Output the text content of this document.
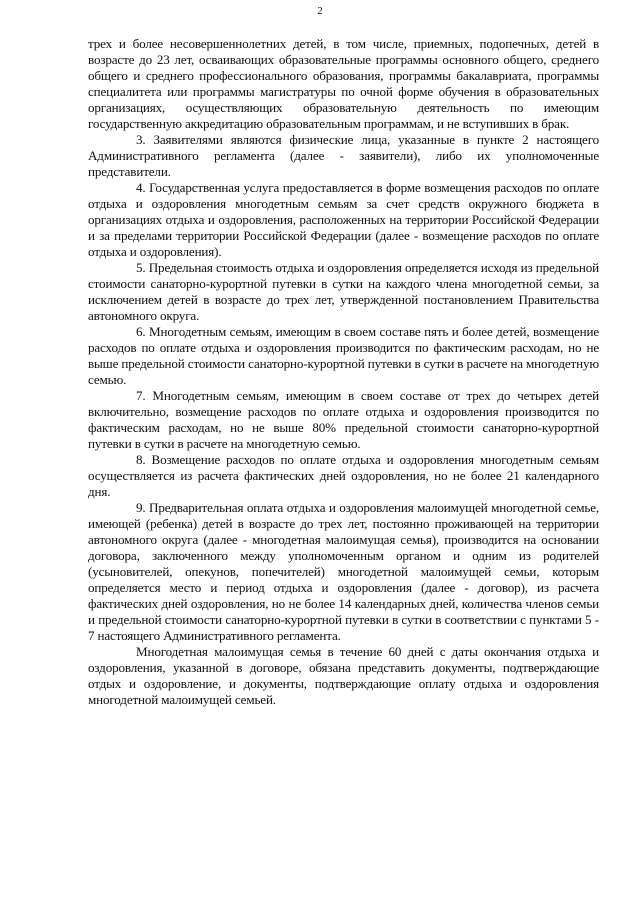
2

трех и более несовершеннолетних детей, в том числе, приемных, подопечных, детей в возрасте до 23 лет, осваивающих образовательные программы основного общего, среднего общего и среднего профессионального образования, программы бакалавриата, программы специалитета или программы магистратуры по очной форме обучения в образовательных организациях, осуществляющих образовательную деятельность по имеющим государственную аккредитацию образовательным программам, и не вступивших в брак.

3. Заявителями являются физические лица, указанные в пункте 2 настоящего Административного регламента (далее - заявители), либо их уполномоченные представители.

4. Государственная услуга предоставляется в форме возмещения расходов по оплате отдыха и оздоровления многодетным семьям за счет средств окружного бюджета в организациях отдыха и оздоровления, расположенных на территории Российской Федерации и за пределами территории Российской Федерации (далее - возмещение расходов по оплате отдыха и оздоровления).

5. Предельная стоимость отдыха и оздоровления определяется исходя из предельной стоимости санаторно-курортной путевки в сутки на каждого члена многодетной семьи, за исключением детей в возрасте до трех лет, утвержденной постановлением Правительства автономного округа.

6. Многодетным семьям, имеющим в своем составе пять и более детей, возмещение расходов по оплате отдыха и оздоровления производится по фактическим расходам, но не выше предельной стоимости санаторно-курортной путевки в сутки в расчете на многодетную семью.

7. Многодетным семьям, имеющим в своем составе от трех до четырех детей включительно, возмещение расходов по оплате отдыха и оздоровления производится по фактическим расходам, но не выше 80% предельной стоимости санаторно-курортной путевки в сутки в расчете на многодетную семью.

8. Возмещение расходов по оплате отдыха и оздоровления многодетным семьям осуществляется из расчета фактических дней оздоровления, но не более 21 календарного дня.

9. Предварительная оплата отдыха и оздоровления малоимущей многодетной семье, имеющей (ребенка) детей в возрасте до трех лет, постоянно проживающей на территории автономного округа (далее - многодетная малоимущая семья), производится на основании договора, заключенного между уполномоченным органом и одним из родителей (усыновителей, опекунов, попечителей) многодетной малоимущей семьи, которым определяется место и период отдыха и оздоровления (далее - договор), из расчета фактических дней оздоровления, но не более 14 календарных дней, количества членов семьи и предельной стоимости санаторно-курортной путевки в сутки в соответствии с пунктами 5 - 7 настоящего Административного регламента.

Многодетная малоимущая семья в течение 60 дней с даты окончания отдыха и оздоровления, указанной в договоре, обязана представить документы, подтверждающие отдых и оздоровление, и документы, подтверждающие оплату отдыха и оздоровления многодетной малоимущей семьей.
